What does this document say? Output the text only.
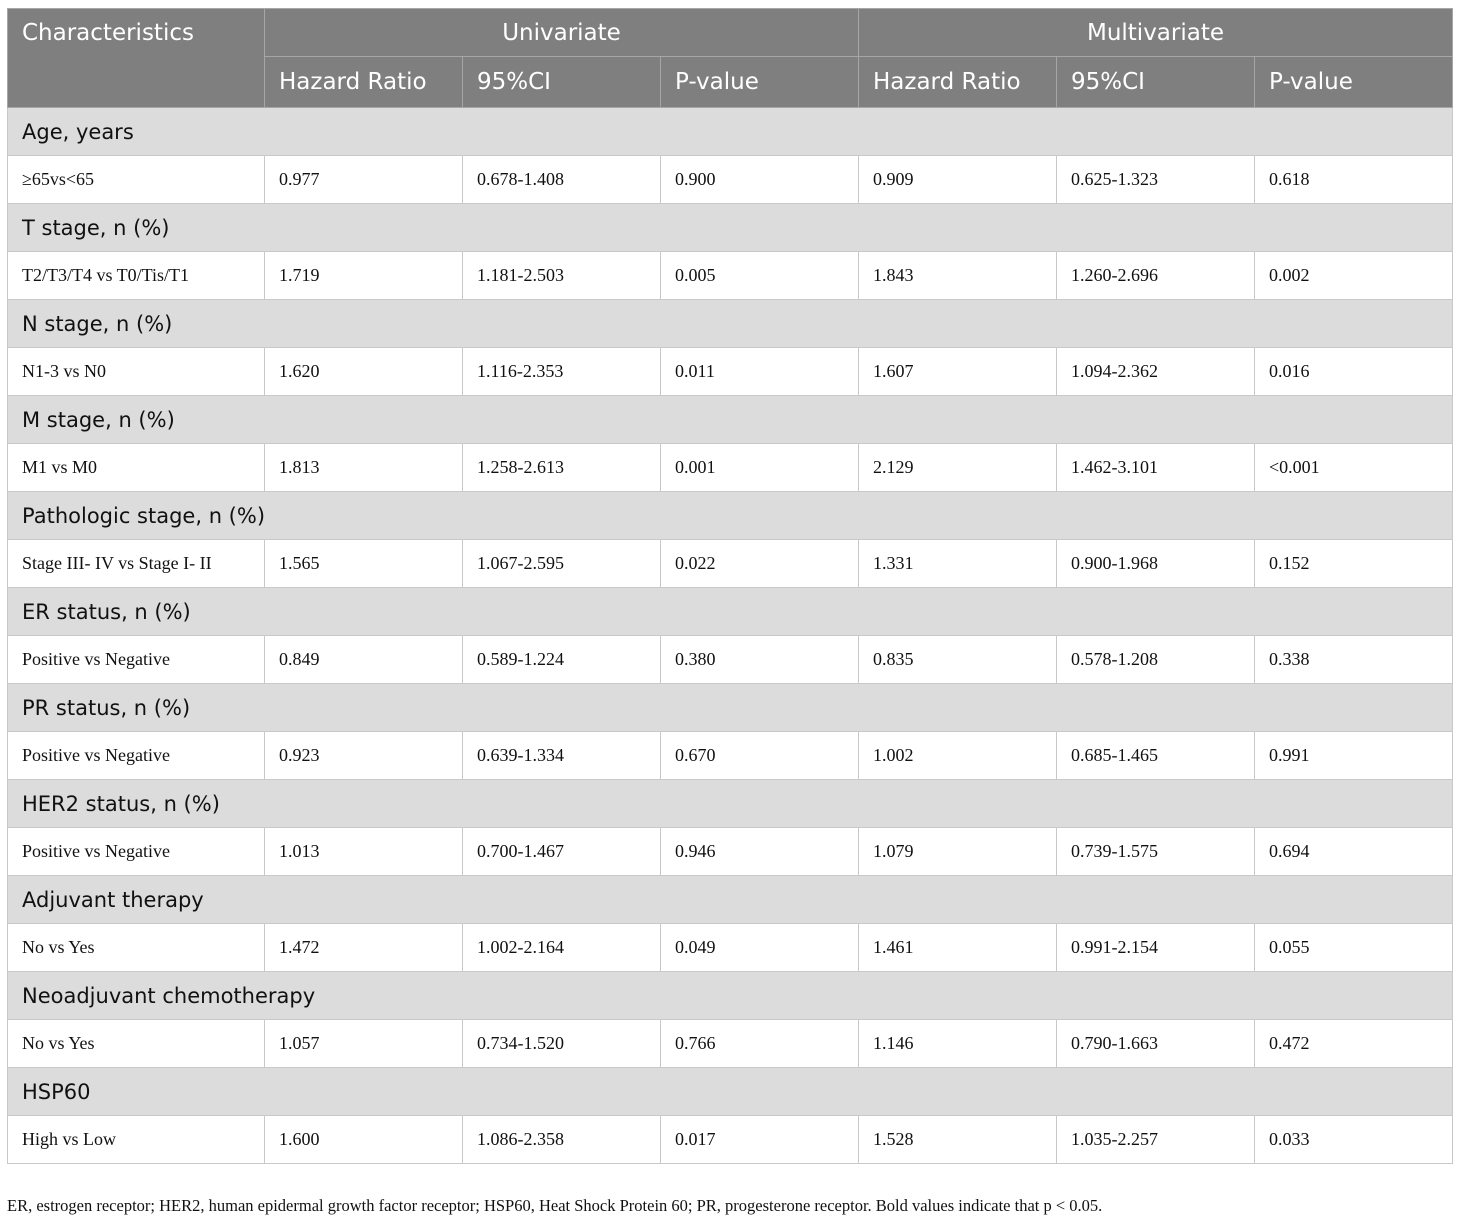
Characteristics	Univariate			Multivariate		
	Hazard Ratio	95%CI	P-value	Hazard Ratio	95%CI	P-value
Age, years						
≥65vs<65	0.977	0.678-1.408	0.900	0.909	0.625-1.323	0.618
T stage, n (%)						
T2/T3/T4 vs T0/Tis/T1	1.719	1.181-2.503	0.005	1.843	1.260-2.696	0.002
N stage, n (%)						
N1-3 vs N0	1.620	1.116-2.353	0.011	1.607	1.094-2.362	0.016
M stage, n (%)						
M1 vs M0	1.813	1.258-2.613	0.001	2.129	1.462-3.101	<0.001
Pathologic stage, n (%)						
Stage III- IV vs Stage I- II	1.565	1.067-2.595	0.022	1.331	0.900-1.968	0.152
ER status, n (%)						
Positive vs Negative	0.849	0.589-1.224	0.380	0.835	0.578-1.208	0.338
PR status, n (%)						
Positive vs Negative	0.923	0.639-1.334	0.670	1.002	0.685-1.465	0.991
HER2 status, n (%)						
Positive vs Negative	1.013	0.700-1.467	0.946	1.079	0.739-1.575	0.694
Adjuvant therapy						
No vs Yes	1.472	1.002-2.164	0.049	1.461	0.991-2.154	0.055
Neoadjuvant chemotherapy						
No vs Yes	1.057	0.734-1.520	0.766	1.146	0.790-1.663	0.472
HSP60						
High vs Low	1.600	1.086-2.358	0.017	1.528	1.035-2.257	0.033
ER, estrogen receptor; HER2, human epidermal growth factor receptor; HSP60, Heat Shock Protein 60; PR, progesterone receptor. Bold values indicate that p < 0.05.
